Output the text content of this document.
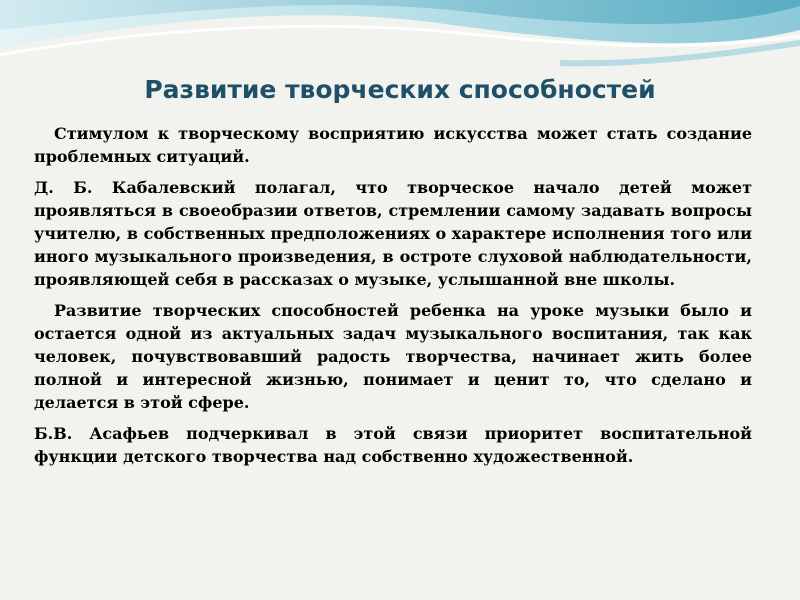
Развитие творческих способностей

Стимулом к творческому восприятию искусства может стать создание проблемных ситуаций.

Д. Б. Кабалевский полагал, что творческое начало детей может проявляться в своеобразии ответов, стремлении самому задавать вопросы учителю, в собственных предположениях о характере исполнения того или иного музыкального произведения, в остроте слуховой наблюдательности, проявляющей себя в рассказах о музыке, услышанной вне школы.

Развитие творческих способностей ребенка на уроке музыки было и остается одной из актуальных задач музыкального воспитания, так как человек, почувствовавший радость творчества, начинает жить более полной и интересной жизнью, понимает и ценит то, что сделано и делается в этой сфере.

Б.В. Асафьев подчеркивал в этой связи приоритет воспитательной функции детского творчества над собственно художественной.
